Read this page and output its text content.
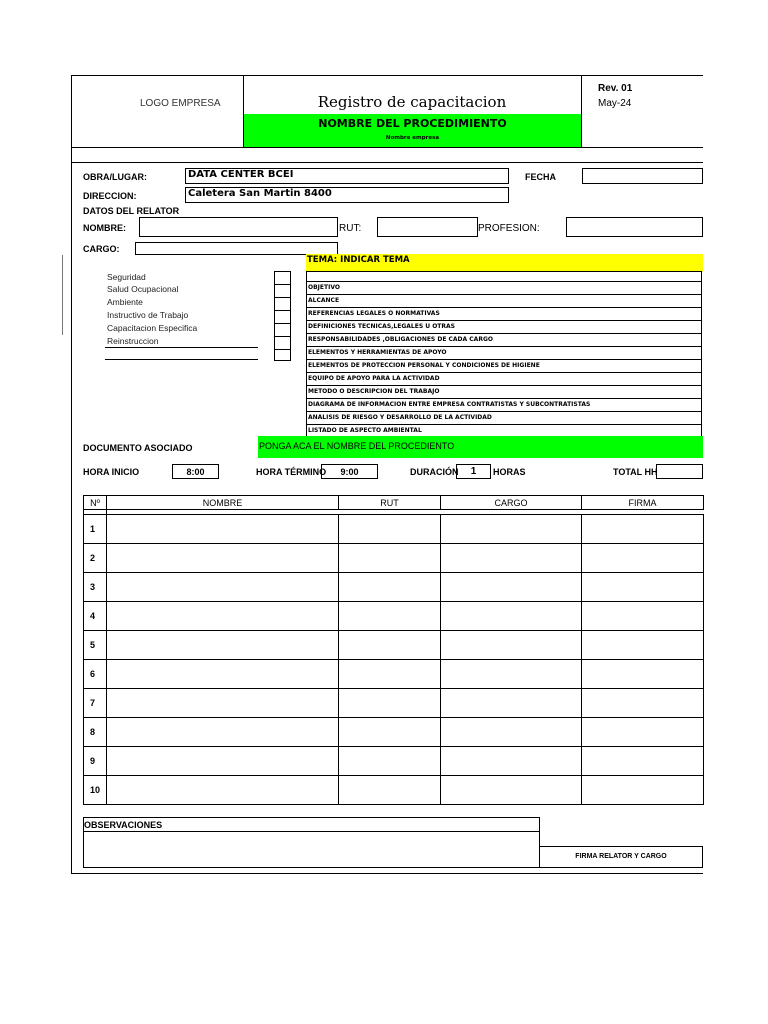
LOGO EMPRESA	Registro de capacitacion
NOMBRE DEL PROCEDIMIENTO
Nombre empresa
Rev. 01
May-24
OBRA/LUGAR:	DATA CENTER BCEI	FECHA
DIRECCION:	Caletera San Martin 8400
DATOS DEL RELATOR
NOMBRE:	RUT:	PROFESION:
CARGO:
Seguridad
Salud Ocupacional
Ambiente
Instructivo de Trabajo
Capacitacion Especifica
Reinstruccion
TEMA: INDICAR TEMA
OBJETIVO
ALCANCE
REFERENCIAS LEGALES O NORMATIVAS
DEFINICIONES TECNICAS,LEGALES U OTRAS
RESPONSABILIDADES ,OBLIGACIONES DE CADA CARGO
ELEMENTOS Y HERRAMIENTAS DE APOYO
ELEMENTOS DE PROTECCION PERSONAL Y CONDICIONES DE HIGIENE
EQUIPO DE APOYO PARA LA ACTIVIDAD
METODO O DESCRIPCION DEL TRABAJO
DIAGRAMA DE INFORMACION ENTRE EMPRESA CONTRATISTAS Y SUBCONTRATISTAS
ANALISIS DE RIESGO Y DESARROLLO DE LA ACTIVIDAD
LISTADO DE ASPECTO AMBIENTAL
DOCUMENTO ASOCIADO	PONGA ACA EL NOMBRE DEL PROCEDIENTO
HORA INICIO	8:00	HORA TÉRMINO	9:00	DURACIÓN	1	HORAS	TOTAL HH
Nº	NOMBRE	RUT	CARGO	FIRMA

1				
2				
3				
4				
5				
6				
7				
8				
9				
10				
OBSERVACIONES
FIRMA RELATOR Y CARGO
